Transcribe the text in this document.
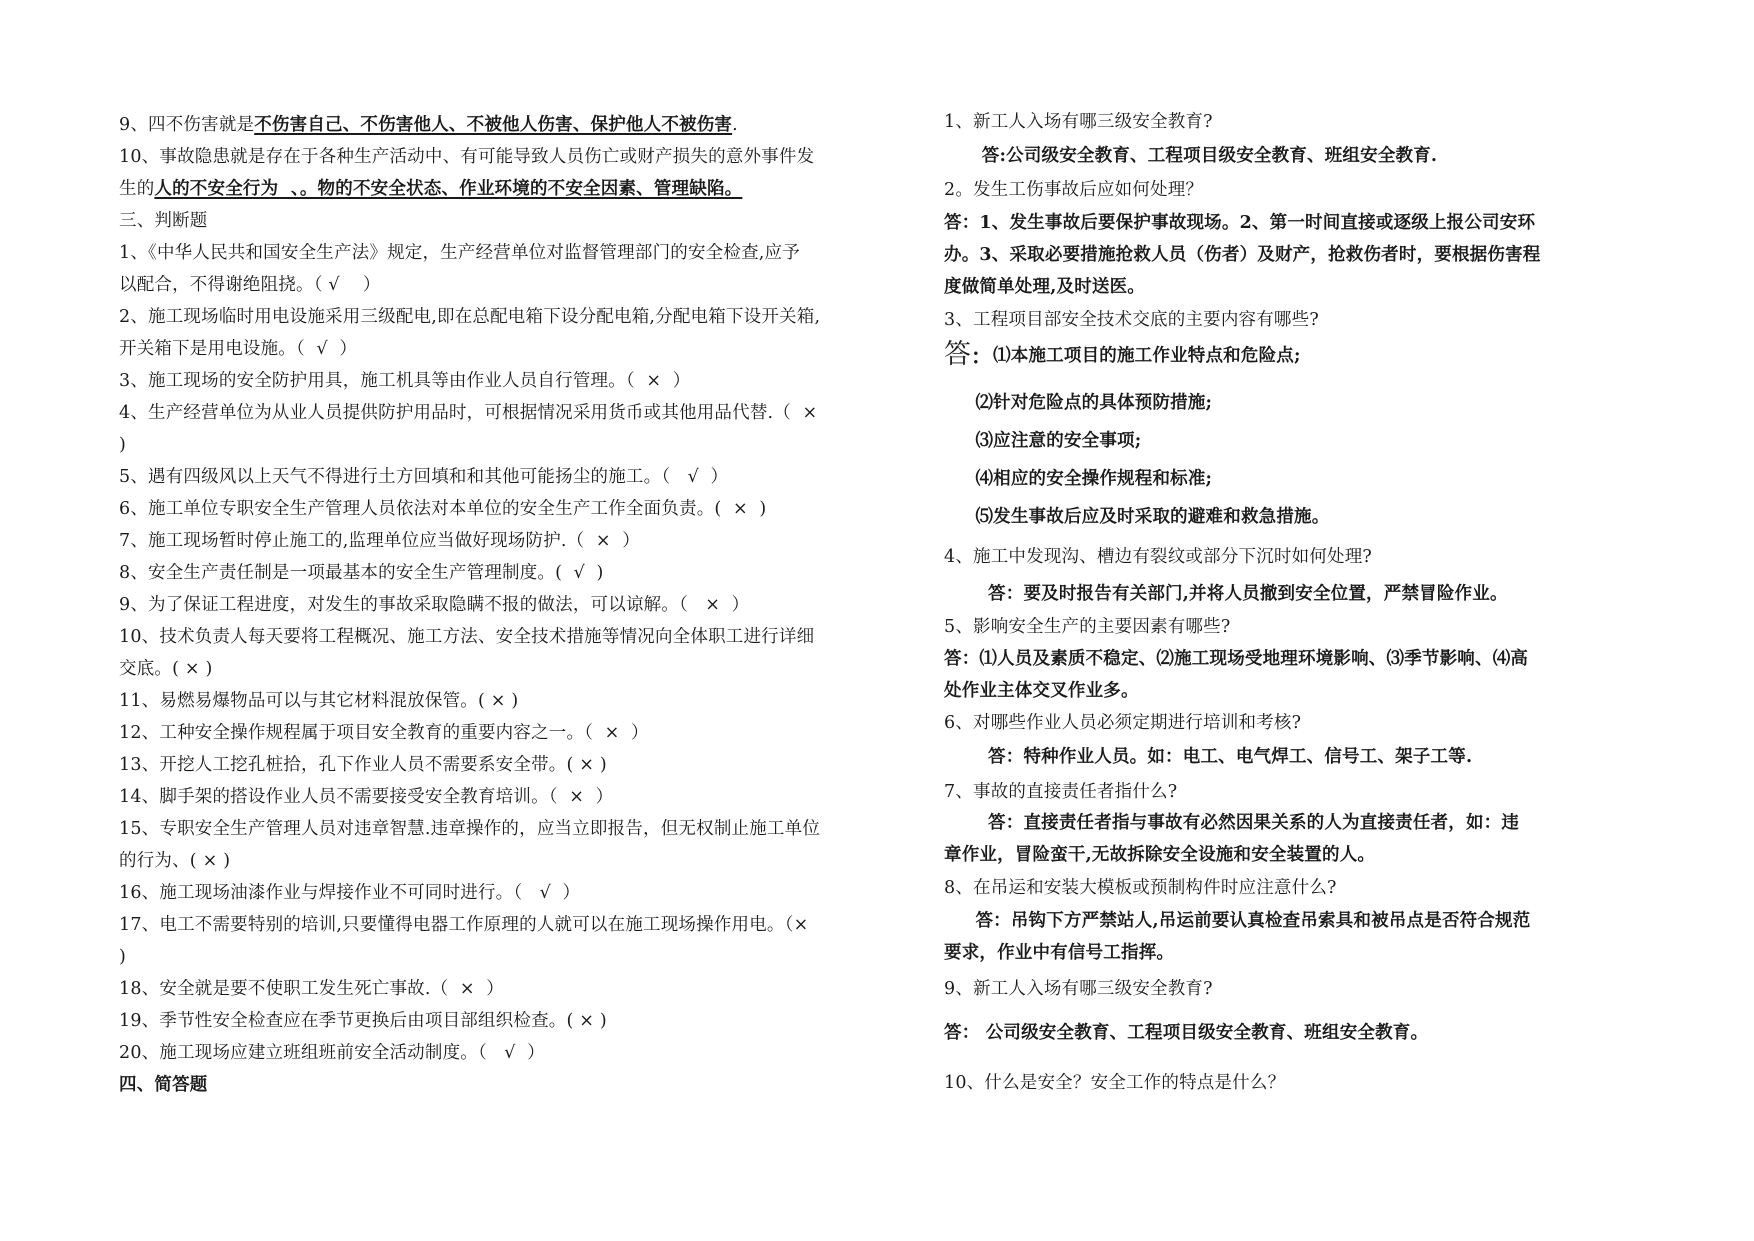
9、四不伤害就是不伤害自己、不伤害他人、不被他人伤害、保护他人不被伤害.
10、事故隐患就是存在于各种生产活动中、有可能导致人员伤亡或财产损失的意外事件发
生的人的不安全行为  、。物的不安全状态、作业环境的不安全因素、管理缺陷。
三、判断题
1、《中华人民共和国安全生产法》规定，生产经营单位对监督管理部门的安全检查,应予
以配合，不得谢绝阻挠。（ √    ）
2、施工现场临时用电设施采用三级配电,即在总配电箱下设分配电箱,分配电箱下设开关箱,
开关箱下是用电设施。（  √  ）
3、施工现场的安全防护用具，施工机具等由作业人员自行管理。（  ×  ）
4、生产经营单位为从业人员提供防护用品时，可根据情况采用货币或其他用品代替.（  ×
)
5、遇有四级风以上天气不得进行土方回填和和其他可能扬尘的施工。（   √  ）
6、施工单位专职安全生产管理人员依法对本单位的安全生产工作全面负责。(  ×  )
7、施工现场暂时停止施工的,监理单位应当做好现场防护.（  ×  ）
8、安全生产责任制是一项最基本的安全生产管理制度。(  √  )
9、为了保证工程进度，对发生的事故采取隐瞒不报的做法，可以谅解。（   ×  ）
10、技术负责人每天要将工程概况、施工方法、安全技术措施等情况向全体职工进行详细
交底。( × )
11、易燃易爆物品可以与其它材料混放保管。( × )
12、工种安全操作规程属于项目安全教育的重要内容之一。（  ×  ）
13、开挖人工挖孔桩拾，孔下作业人员不需要系安全带。( × )
14、脚手架的搭设作业人员不需要接受安全教育培训。（  ×  ）
15、专职安全生产管理人员对违章智慧.违章操作的，应当立即报告，但无权制止施工单位
的行为、( × )
16、施工现场油漆作业与焊接作业不可同时进行。（   √  ）
17、电工不需要特别的培训,只要懂得电器工作原理的人就可以在施工现场操作用电。（×
)
18、安全就是要不使职工发生死亡事故.（  ×  ）
19、季节性安全检查应在季节更换后由项目部组织检查。( × )
20、施工现场应建立班组班前安全活动制度。（   √  ）
四、简答题
1、新工人入场有哪三级安全教育?
答:公司级安全教育、工程项目级安全教育、班组安全教育.
2。发生工伤事故后应如何处理？
答：1、发生事故后要保护事故现场。2、第一时间直接或逐级上报公司安环
办。3、采取必要措施抢救人员（伤者）及财产，抢救伤者时，要根据伤害程
度做简单处理,及时送医。
3、工程项目部安全技术交底的主要内容有哪些?
答:  ⑴本施工项目的施工作业特点和危险点;
⑵针对危险点的具体预防措施;
⑶应注意的安全事项;
⑷相应的安全操作规程和标准;
⑸发生事故后应及时采取的避难和救急措施。
4、施工中发现沟、槽边有裂纹或部分下沉时如何处理?
答：要及时报告有关部门,并将人员撤到安全位置，严禁冒险作业。
5、影响安全生产的主要因素有哪些?
答：⑴人员及素质不稳定、⑵施工现场受地理环境影响、⑶季节影响、⑷高
处作业主体交叉作业多。
6、对哪些作业人员必须定期进行培训和考核?
答：特种作业人员。如：电工、电气焊工、信号工、架子工等.
7、事故的直接责任者指什么?
答：直接责任者指与事故有必然因果关系的人为直接责任者，如：违
章作业，冒险蛮干,无故拆除安全设施和安全装置的人。
8、在吊运和安装大模板或预制构件时应注意什么?
答：吊钩下方严禁站人,吊运前要认真检查吊索具和被吊点是否符合规范
要求，作业中有信号工指挥。
9、新工人入场有哪三级安全教育?
答： 公司级安全教育、工程项目级安全教育、班组安全教育。
10、什么是安全？安全工作的特点是什么？
